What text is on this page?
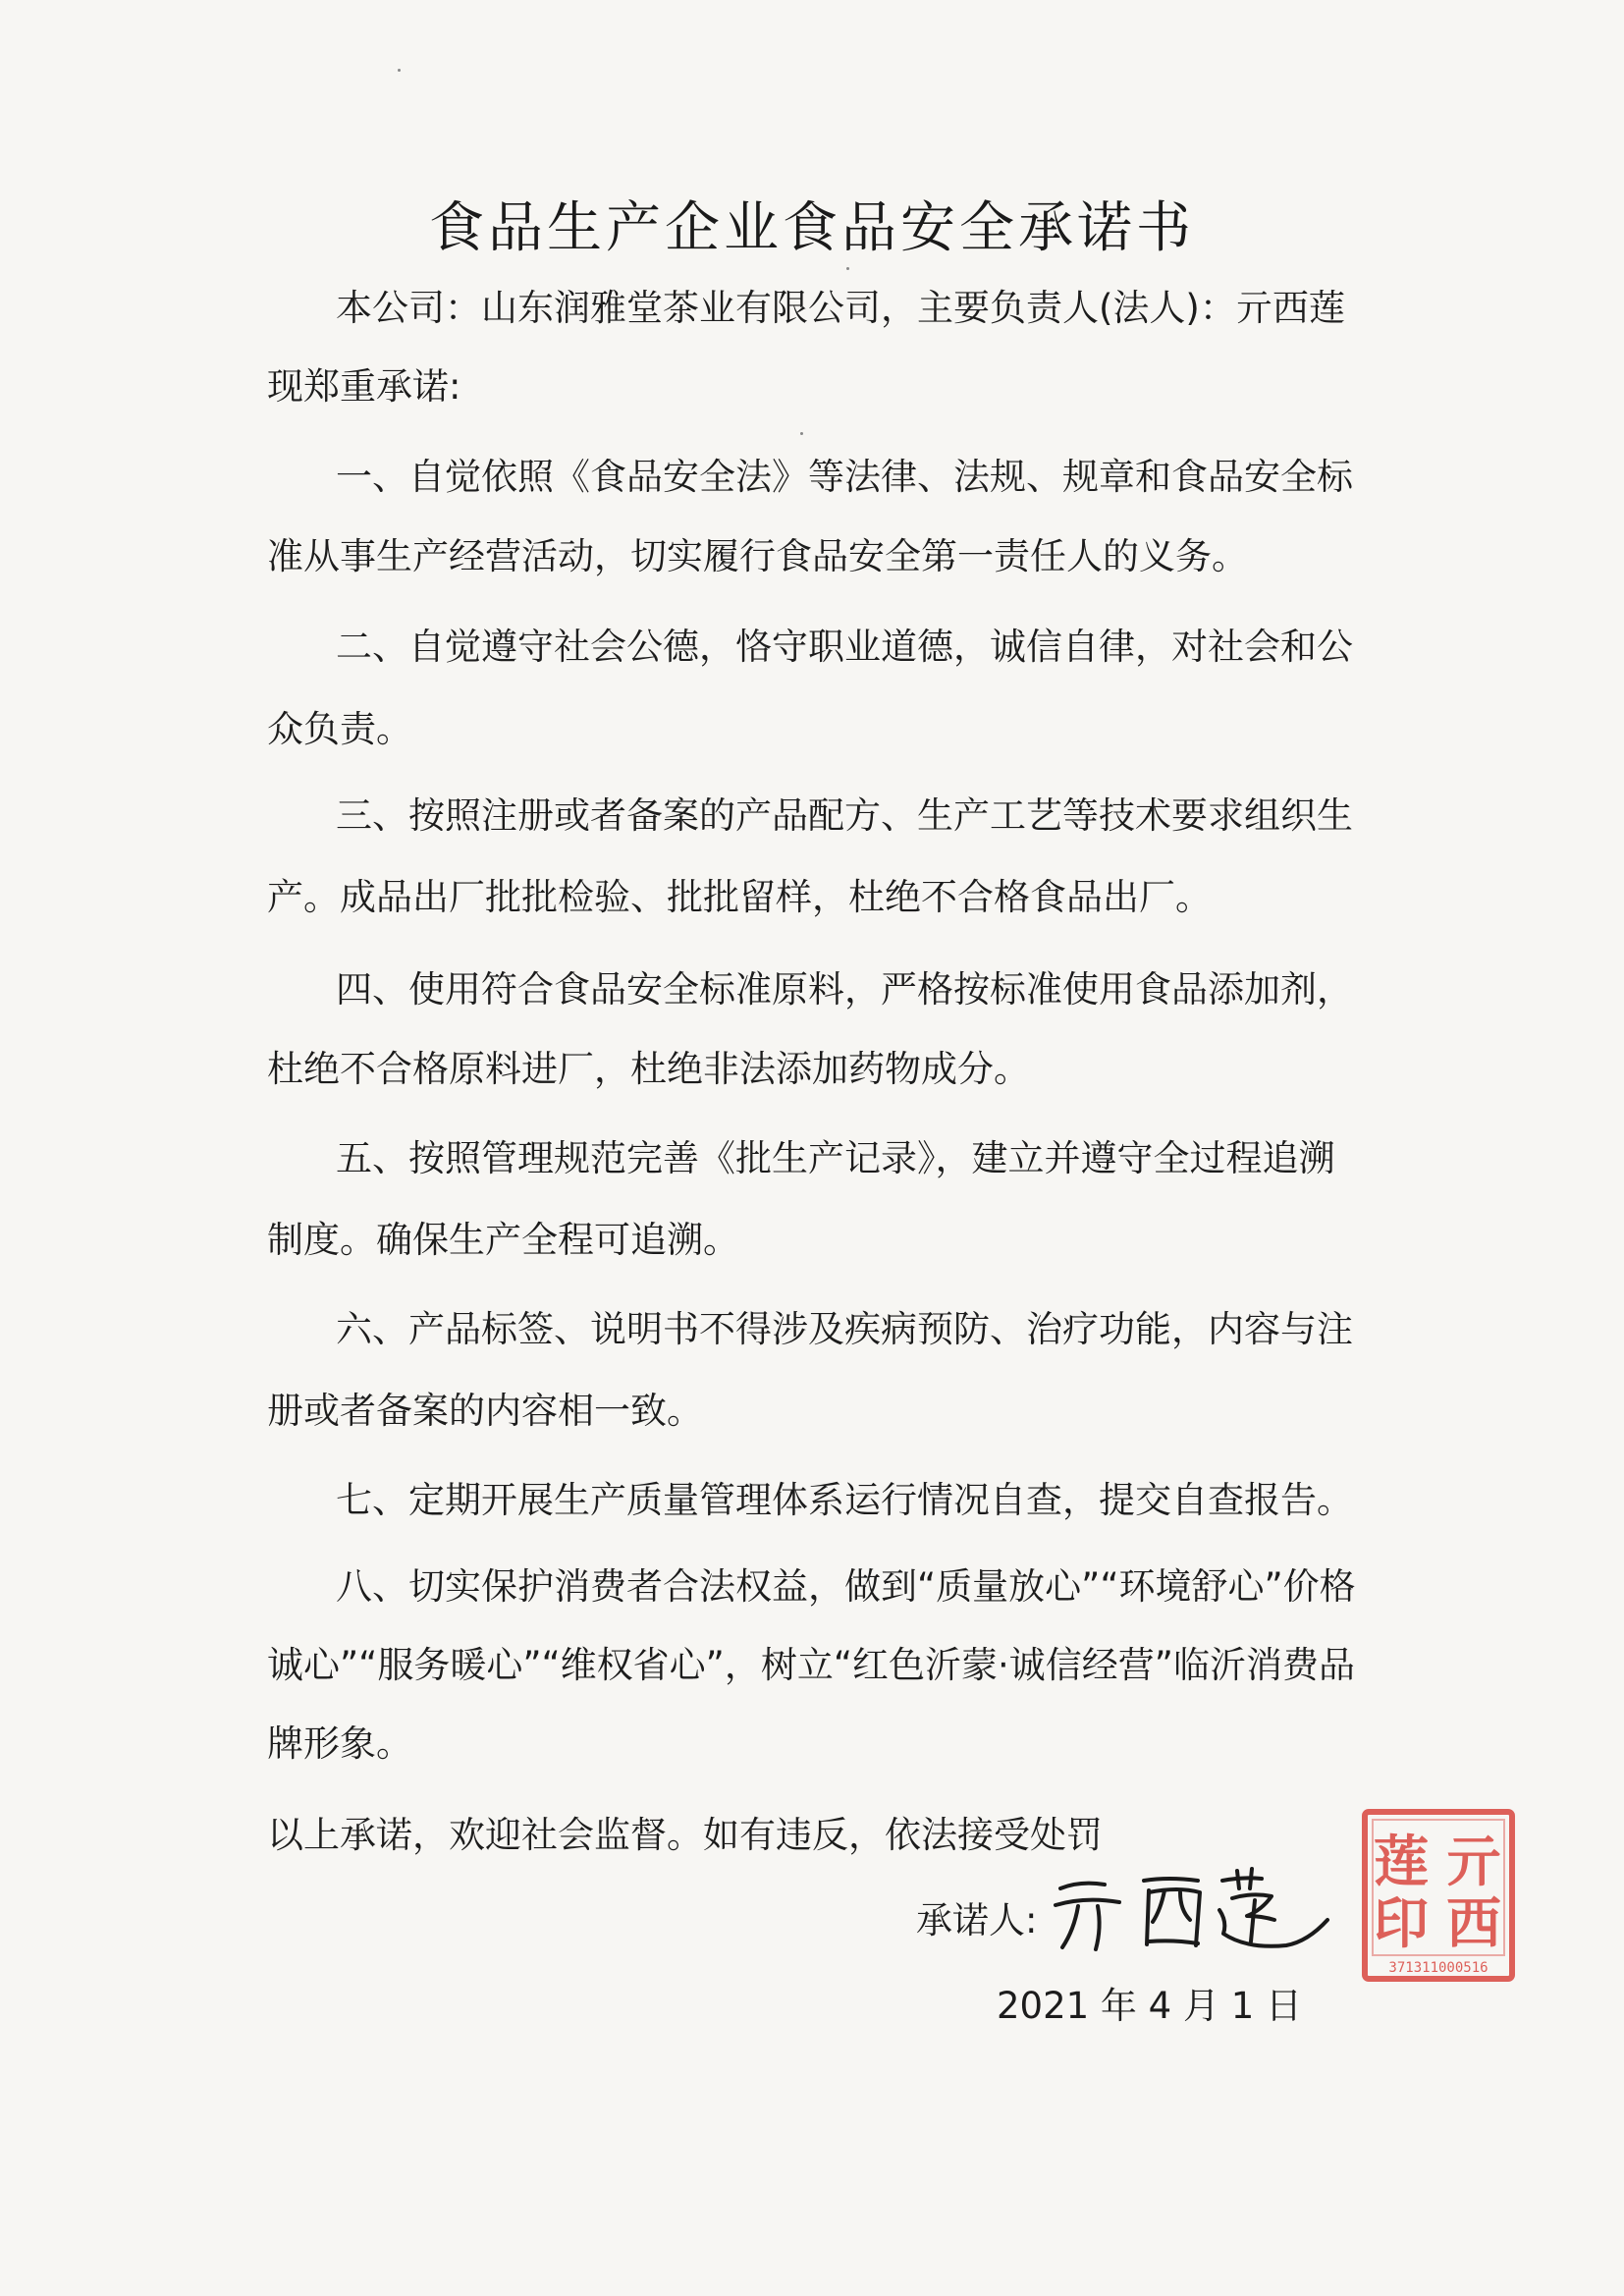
食品生产企业食品安全承诺书
本公司：山东润雅堂茶业有限公司，主要负责人(法人)：亓西莲
现郑重承诺:
一、自觉依照《食品安全法》等法律、法规、规章和食品安全标
准从事生产经营活动，切实履行食品安全第一责任人的义务。
二、自觉遵守社会公德，恪守职业道德，诚信自律，对社会和公
众负责。
三、按照注册或者备案的产品配方、生产工艺等技术要求组织生
产。成品出厂批批检验、批批留样，杜绝不合格食品出厂。
四、使用符合食品安全标准原料，严格按标准使用食品添加剂，
杜绝不合格原料进厂，杜绝非法添加药物成分。
五、按照管理规范完善《批生产记录》，建立并遵守全过程追溯
制度。确保生产全程可追溯。
六、产品标签、说明书不得涉及疾病预防、治疗功能，内容与注
册或者备案的内容相一致。
七、定期开展生产质量管理体系运行情况自查，提交自查报告。
八、切实保护消费者合法权益，做到“质量放心”“环境舒心”价格
诚心”“服务暖心”“维权省心”，树立“红色沂蒙·诚信经营”临沂消费品
牌形象。
以上承诺，欢迎社会监督。如有违反，依法接受处罚
承诺人:
2021 年 4 月 1 日
莲 亓
印 西
371311000516
